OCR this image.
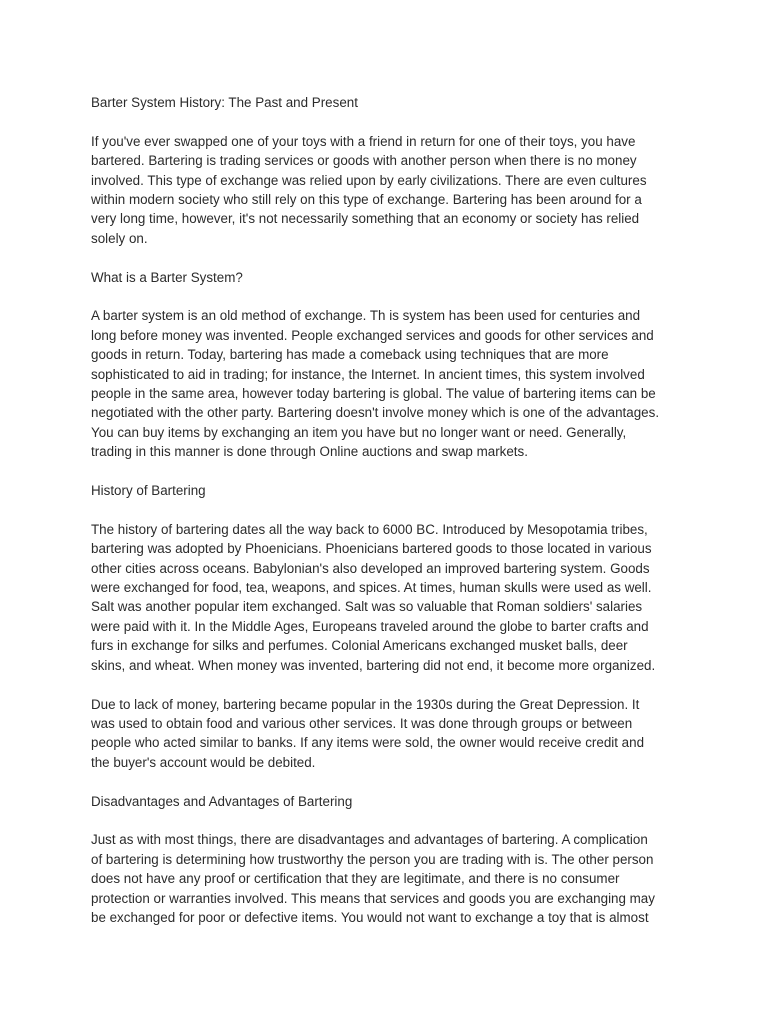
Barter System History: The Past and Present

If you've ever swapped one of your toys with a friend in return for one of their toys, you have
bartered. Bartering is trading services or goods with another person when there is no money
involved. This type of exchange was relied upon by early civilizations. There are even cultures
within modern society who still rely on this type of exchange. Bartering has been around for a
very long time, however, it's not necessarily something that an economy or society has relied
solely on.

What is a Barter System?

A barter system is an old method of exchange. Th is system has been used for centuries and
long before money was invented. People exchanged services and goods for other services and
goods in return. Today, bartering has made a comeback using techniques that are more
sophisticated to aid in trading; for instance, the Internet. In ancient times, this system involved
people in the same area, however today bartering is global. The value of bartering items can be
negotiated with the other party. Bartering doesn't involve money which is one of the advantages.
You can buy items by exchanging an item you have but no longer want or need. Generally,
trading in this manner is done through Online auctions and swap markets.

History of Bartering

The history of bartering dates all the way back to 6000 BC. Introduced by Mesopotamia tribes,
bartering was adopted by Phoenicians. Phoenicians bartered goods to those located in various
other cities across oceans. Babylonian's also developed an improved bartering system. Goods
were exchanged for food, tea, weapons, and spices. At times, human skulls were used as well.
Salt was another popular item exchanged. Salt was so valuable that Roman soldiers' salaries
were paid with it. In the Middle Ages, Europeans traveled around the globe to barter crafts and
furs in exchange for silks and perfumes. Colonial Americans exchanged musket balls, deer
skins, and wheat. When money was invented, bartering did not end, it become more organized.

Due to lack of money, bartering became popular in the 1930s during the Great Depression. It
was used to obtain food and various other services. It was done through groups or between
people who acted similar to banks. If any items were sold, the owner would receive credit and
the buyer's account would be debited.

Disadvantages and Advantages of Bartering

Just as with most things, there are disadvantages and advantages of bartering. A complication
of bartering is determining how trustworthy the person you are trading with is. The other person
does not have any proof or certification that they are legitimate, and there is no consumer
protection or warranties involved. This means that services and goods you are exchanging may
be exchanged for poor or defective items. You would not want to exchange a toy that is almost
